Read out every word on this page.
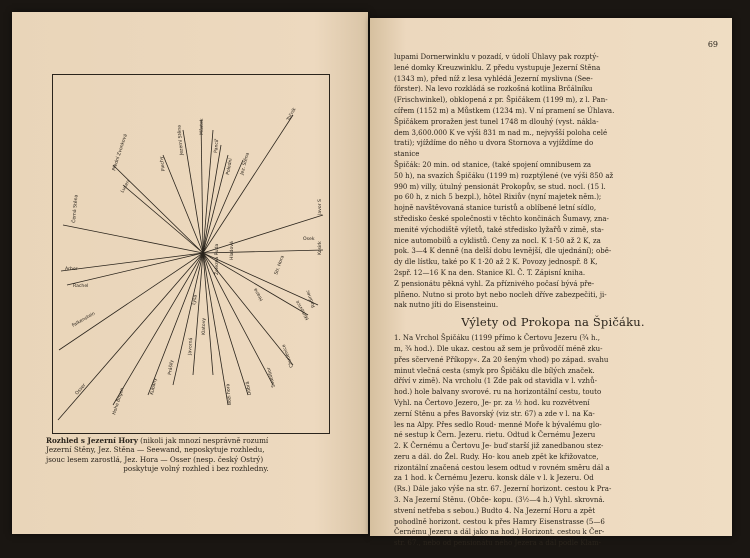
Černá Stěna
Arber
Rachel
Falkenstein
Osser	Hohe Bogen
Kubany
Prášily
Javorná
Klatovy
Boží hora	Dobrá
Svatobor
Chudenice
Mirkovice
Radinec
Kosirk
Javor S
Točník
Jez. Stěna
Poledni
Pancíř
Můstek
Jezerní Stěna
Plechy
Lusen
Přední Zvonková
Železná Ruda
Lysá
Hladová
Str. Hora
Hrana
Osek
Rozhled s Jezerní Hory (nikoli jak mnozí nesprávně rozumí
Jezerní Stěny, Jez. Stěna — Seewand, neposkytuje rozhledu,
jsouc lesem zarostlá, Jez. Hora — Osser (nesp. český Ostrý)
poskytuje volný rozhled i bez rozhledny.
69
lupami Dornerwinklu v pozadí, v údolí Úhlavy pak rozptý-
lené domky Kreuzwinklu. Z předu vystupuje Jezerní Stěna
(1343 m), před níž z lesa vyhlédá Jezerní myslivna (See-
förster). Na levo rozkládá se rozkošná kotlina Brčálníku
(Frischwinkel), obklopená z pr. Špičákem (1199 m), z l. Pan-
cířem (1152 m) a Můstkem (1234 m). V ní pramení se Úhlava.
Špičákem proražen jest tunel 1748 m dlouhý (vyst. nákla-
dem 3,600.000 K ve výši 831 m nad m., nejvyšší poloha celé
trati); vjíždíme do něho u dvora Stornova a vyjíždíme do
stanice
Špičák: 20 min. od stanice, (také spojení omnibusem za
50 h), na svazích Špičáku (1199 m) rozptýlené (ve výši 850 až
990 m) villy, útulný pensionát Prokopův, se stud. nocl. (15 l.
po 60 h, z nich 5 bezpl.), hôtel Rixiův (nyní majetek něm.);
hojně navštěvovaná stanice turistů a oblíbené letní sídlo,
středisko české společnosti v těchto končinách Šumavy, zna-
menité východiště výletů, také středisko lyžařů v zimě, sta-
nice automobilů a cyklistů. Ceny za nocl. K 1·50 až 2 K, za
pok. 3—4 K denně (na delší dobu levnější, dle ujednání); obě-
dy dle lístku, také po K 1·20 až 2 K. Povozy jednospř. 8 K,
2spř. 12—16 K na den. Stanice Kl. Č. T. Zápisní kniha.
Z pensionátu pěkná vyhl. Za příznivého počasí bývá pře-
pln̆eno. Nutno si proto byt nebo nocleh dříve zabezpečiti, ji-
nak nutno jíti do Eisensteinu.
Výlety od Prokopa na Špičáku.
1. Na Vrchol Špičáku (1199 přímo k Čertovu Jezeru (¾ h.,
m, ¾ hod.). Dle ukaz. cestou až sem je průvodčí méně zku-
přes sčervené Příkopy«. Za 20 šeným vhod) po západ. svahu
minut vlečná cesta (smyk pro Špičáku dle bílých značek.
dříví v zimě). Na vrcholu (1 Zde pak od stavidla v l. vzhů-
hod.) hole balvany svorové. ru na horizontální cestu, touto
Vyhl. na Čertovo Jezero, Je- pr. za ½ hod. ku rozvětvení
zerní Stěnu a přes Bavorský (viz str. 67) a zde v l. na Ka-
les na Alpy. Přes sedlo Roud- menné Moře k bývalému glo-
né sestup k Čern. Jezeru. rietu. Odtud k Černému Jezeru
2. K Černému a Čertovu Je- buď starší již zanedbanou stez-
zeru a dál. do Žel. Rudy. Ho- kou aneb zpět ke křižovatce,
rizontální značená cestou lesem odtud v rovném směru dál a
za 1 hod. k Černému Jezeru. konsk dále v l. k Jezeru. Od
(Rs.) Dále jako výše na str. 67. Jezerní horizont. cestou k Pra-
3. Na Jezerní Stěnu. (Obče- kopu. (3½—4 h.) Vyhl. skrovná.
stvení netřeba s sebou.) Budto 4. Na Jezerní Horu a zpět
pohodlně horizont. cestou k přes Hamry Eisenstrasse (5—6
Černému Jezeru a dál jako na hod.) Horizont. cestou k Čer-
str. 67., nebo od pensionátu ného Jezera a dál podle Klam-
